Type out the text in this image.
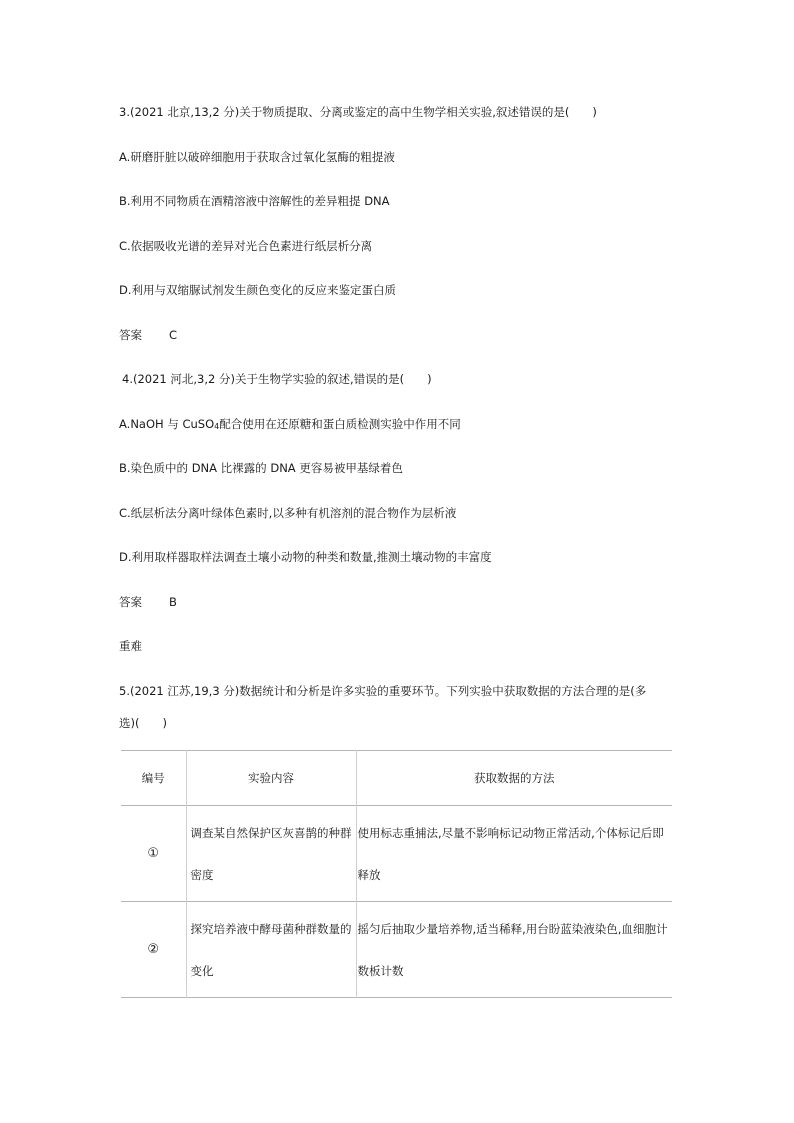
3.(2021 北京,13,2 分)关于物质提取、分离或鉴定的高中生物学相关实验,叙述错误的是(　　)
A.研磨肝脏以破碎细胞用于获取含过氧化氢酶的粗提液
B.利用不同物质在酒精溶液中溶解性的差异粗提 DNA
C.依据吸收光谱的差异对光合色素进行纸层析分离
D.利用与双缩脲试剂发生颜色变化的反应来鉴定蛋白质
答案 C
4.(2021 河北,3,2 分)关于生物学实验的叙述,错误的是(　　)
A.NaOH 与 CuSO$_4$配合使用在还原糖和蛋白质检测实验中作用不同
B.染色质中的 DNA 比裸露的 DNA 更容易被甲基绿着色
C.纸层析法分离叶绿体色素时,以多种有机溶剂的混合物作为层析液
D.利用取样器取样法调查土壤小动物的种类和数量,推测土壤动物的丰富度
答案 B
重难
5.(2021 江苏,19,3 分)数据统计和分析是许多实验的重要环节。下列实验中获取数据的方法合理的是(多
选)(　　)
编号	实验内容	获取数据的方法
①	调查某自然保护区灰喜鹊的种群密度	使用标志重捕法,尽量不影响标记动物正常活动,个体标记后即释放
②	探究培养液中酵母菌种群数量的变化	摇匀后抽取少量培养物,适当稀释,用台盼蓝染液染色,血细胞计数板计数
